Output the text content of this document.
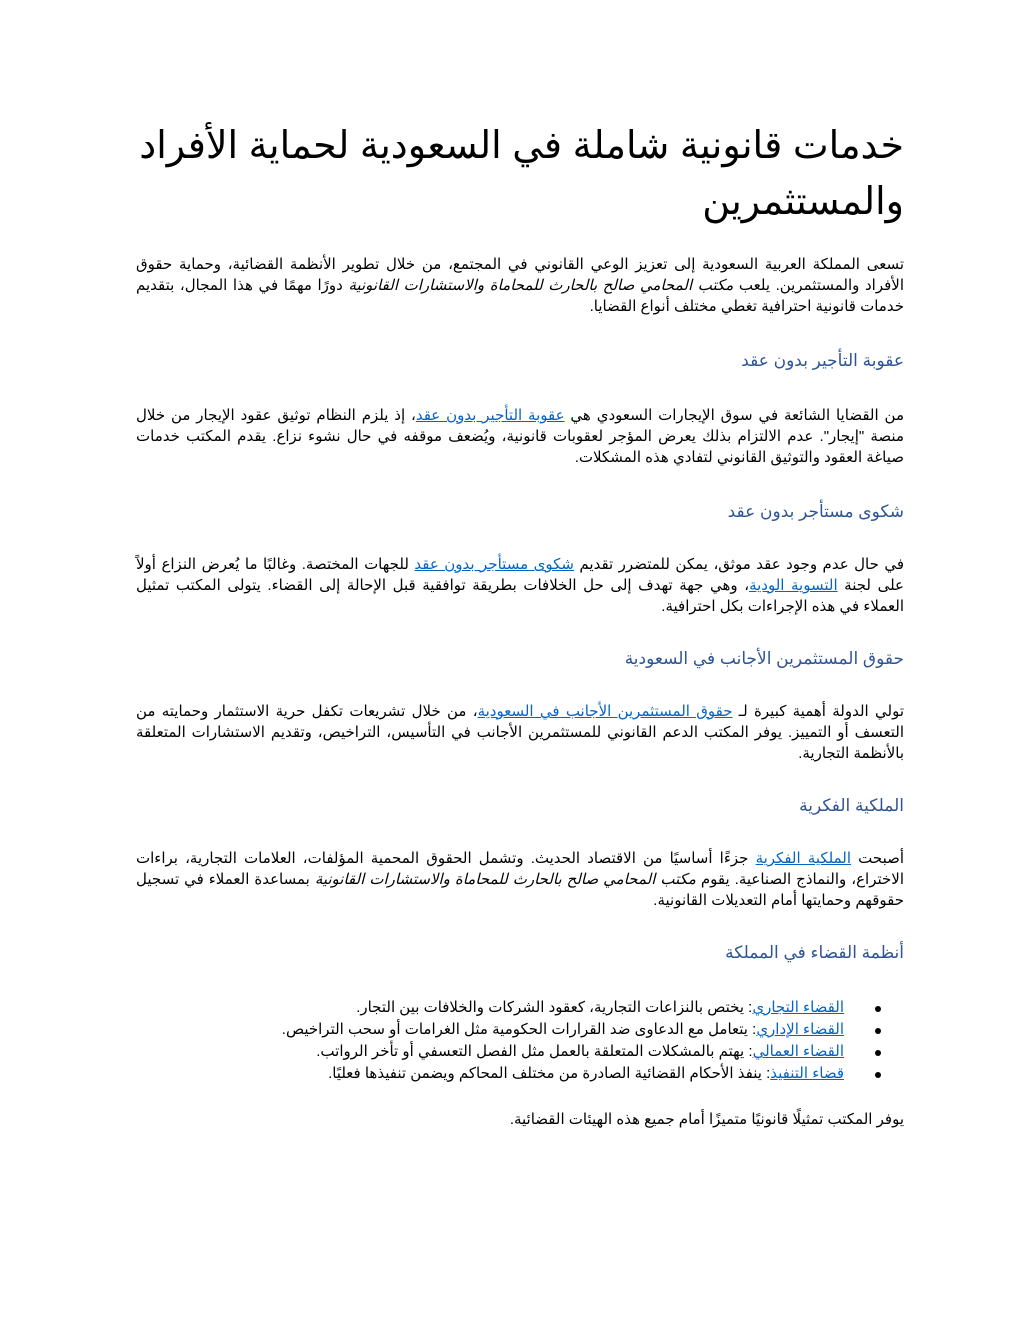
خدمات قانونية شاملة في السعودية لحماية الأفراد والمستثمرين

تسعى المملكة العربية السعودية إلى تعزيز الوعي القانوني في المجتمع، من خلال تطوير الأنظمة القضائية، وحماية حقوق الأفراد والمستثمرين. يلعب مكتب المحامي صالح بالحارث للمحاماة والاستشارات القانونية دورًا مهمًا في هذا المجال، بتقديم خدمات قانونية احترافية تغطي مختلف أنواع القضايا.

عقوبة التأجير بدون عقد

من القضايا الشائعة في سوق الإيجارات السعودي هي عقوبة التأجير بدون عقد، إذ يلزم النظام توثيق عقود الإيجار من خلال منصة "إيجار". عدم الالتزام بذلك يعرض المؤجر لعقوبات قانونية، ويُضعف موقفه في حال نشوء نزاع. يقدم المكتب خدمات صياغة العقود والتوثيق القانوني لتفادي هذه المشكلات.

شكوى مستأجر بدون عقد

في حال عدم وجود عقد موثق، يمكن للمتضرر تقديم شكوى مستأجر بدون عقد للجهات المختصة. وغالبًا ما يُعرض النزاع أولاً على لجنة التسوية الودية، وهي جهة تهدف إلى حل الخلافات بطريقة توافقية قبل الإحالة إلى القضاء. يتولى المكتب تمثيل العملاء في هذه الإجراءات بكل احترافية.

حقوق المستثمرين الأجانب في السعودية

تولي الدولة أهمية كبيرة لـ حقوق المستثمرين الأجانب في السعودية، من خلال تشريعات تكفل حرية الاستثمار وحمايته من التعسف أو التمييز. يوفر المكتب الدعم القانوني للمستثمرين الأجانب في التأسيس، التراخيص، وتقديم الاستشارات المتعلقة بالأنظمة التجارية.

الملكية الفكرية

أصبحت الملكية الفكرية جزءًا أساسيًا من الاقتصاد الحديث. وتشمل الحقوق المحمية المؤلفات، العلامات التجارية، براءات الاختراع، والنماذج الصناعية. يقوم مكتب المحامي صالح بالحارث للمحاماة والاستشارات القانونية بمساعدة العملاء في تسجيل حقوقهم وحمايتها أمام التعديلات القانونية.

أنظمة القضاء في المملكة
القضاء التجاري: يختص بالنزاعات التجارية، كعقود الشركات والخلافات بين التجار.
القضاء الإداري: يتعامل مع الدعاوى ضد القرارات الحكومية مثل الغرامات أو سحب التراخيص.
القضاء العمالي: يهتم بالمشكلات المتعلقة بالعمل مثل الفصل التعسفي أو تأخر الرواتب.
قضاء التنفيذ: ينفذ الأحكام القضائية الصادرة من مختلف المحاكم ويضمن تنفيذها فعليًا.

يوفر المكتب تمثيلًا قانونيًا متميزًا أمام جميع هذه الهيئات القضائية.
